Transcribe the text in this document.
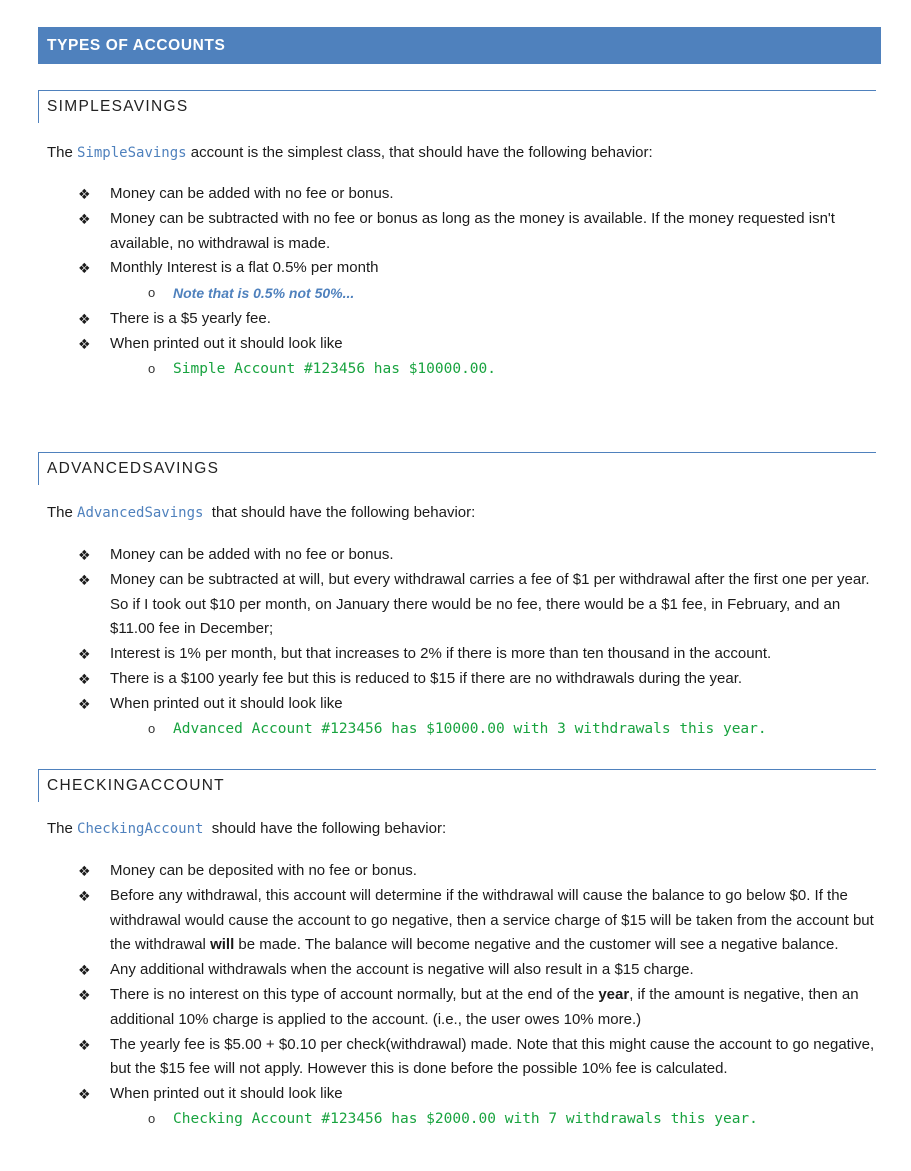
TYPES OF ACCOUNTS
SIMPLESAVINGS

The SimpleSavings account is the simplest class, that should have the following behavior:

❖ Money can be added with no fee or bonus.
❖ Money can be subtracted with no fee or bonus as long as the money is available. If the money requested isn't available, no withdrawal is made.
❖ Monthly Interest is a flat 0.5% per month
o Note that is 0.5% not 50%...
❖ There is a $5 yearly fee.
❖ When printed out it should look like
o Simple Account #123456 has $10000.00.
ADVANCEDSAVINGS

The AdvancedSavings  that should have the following behavior:

❖ Money can be added with no fee or bonus.
❖ Money can be subtracted at will, but every withdrawal carries a fee of $1 per withdrawal after the first one per year. So if I took out $10 per month, on January there would be no fee, there would be a $1 fee, in February, and an $11.00 fee in December;
❖ Interest is 1% per month, but that increases to 2% if there is more than ten thousand in the account.
❖ There is a $100 yearly fee but this is reduced to $15 if there are no withdrawals during the year.
❖ When printed out it should look like
o Advanced Account #123456 has $10000.00 with 3 withdrawals this year.
CHECKINGACCOUNT

The CheckingAccount  should have the following behavior:

❖ Money can be deposited with no fee or bonus.
❖ Before any withdrawal, this account will determine if the withdrawal will cause the balance to go below $0. If the withdrawal would cause the account to go negative, then a service charge of $15 will be taken from the account but the withdrawal will be made. The balance will become negative and the customer will see a negative balance.
❖ Any additional withdrawals when the account is negative will also result in a $15 charge.
❖ There is no interest on this type of account normally, but at the end of the year, if the amount is negative, then an additional 10% charge is applied to the account. (i.e., the user owes 10% more.)
❖ The yearly fee is $5.00 + $0.10 per check(withdrawal) made. Note that this might cause the account to go negative, but the $15 fee will not apply. However this is done before the possible 10% fee is calculated.
❖ When printed out it should look like
o Checking Account #123456 has $2000.00 with 7 withdrawals this year.
